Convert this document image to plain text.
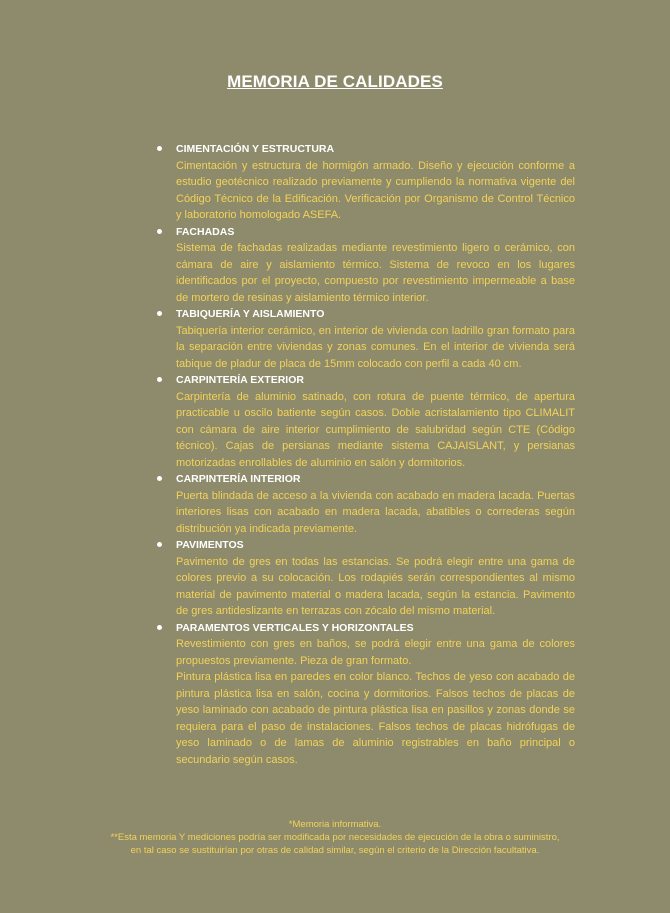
MEMORIA DE CALIDADES
CIMENTACIÓN Y ESTRUCTURA

Cimentación y estructura de hormigón armado. Diseño y ejecución conforme a estudio geotécnico realizado previamente y cumpliendo la normativa vigente del Código Técnico de la Edificación. Verificación por Organismo de Control Técnico y laboratorio homologado ASEFA.

FACHADAS

Sistema de fachadas realizadas mediante revestimiento ligero o cerámico, con cámara de aire y aislamiento térmico. Sistema de revoco en los lugares identificados por el proyecto, compuesto por revestimiento impermeable a base de mortero de resinas y aislamiento térmico interior.

TABIQUERÍA Y AISLAMIENTO

Tabiquería interior cerámico, en interior de vivienda con ladrillo gran formato para la separación entre viviendas y zonas comunes. En el interior de vivienda será tabique de pladur de placa de 15mm colocado con perfil a cada 40 cm.

CARPINTERÍA EXTERIOR

Carpintería de aluminio satinado, con rotura de puente térmico, de apertura practicable u oscilo batiente según casos. Doble acristalamiento tipo CLIMALIT con cámara de aire interior cumplimiento de salubridad según CTE (Código técnico). Cajas de persianas mediante sistema CAJAISLANT, y persianas motorizadas enrollables de aluminio en salón y dormitorios.

CARPINTERÍA INTERIOR

Puerta blindada de acceso a la vivienda con acabado en madera lacada. Puertas interiores lisas con acabado en madera lacada, abatibles o correderas según distribución ya indicada previamente.

PAVIMENTOS

Pavimento de gres en todas las estancias. Se podrá elegir entre una gama de colores previo a su colocación. Los rodapiés serán correspondientes al mismo material de pavimento material o madera lacada, según la estancia. Pavimento de gres antideslizante en terrazas con zócalo del mismo material.

PARAMENTOS VERTICALES Y HORIZONTALES

Revestimiento con gres en baños, se podrá elegir entre una gama de colores propuestos previamente. Pieza de gran formato.

Pintura plástica lisa en paredes en color blanco. Techos de yeso con acabado de pintura plástica lisa en salón, cocina y dormitorios. Falsos techos de placas de yeso laminado con acabado de pintura plástica lisa en pasillos y zonas donde se requiera para el paso de instalaciones. Falsos techos de placas hidrófugas de yeso laminado o de lamas de aluminio registrables en baño principal o secundario según casos.

*Memoria informativa.
**Esta memoria Y mediciones podría ser modificada por necesidades de ejecución de la obra o suministro, en tal caso se sustituirían por otras de calidad similar, según el criterio de la Dirección facultativa.
